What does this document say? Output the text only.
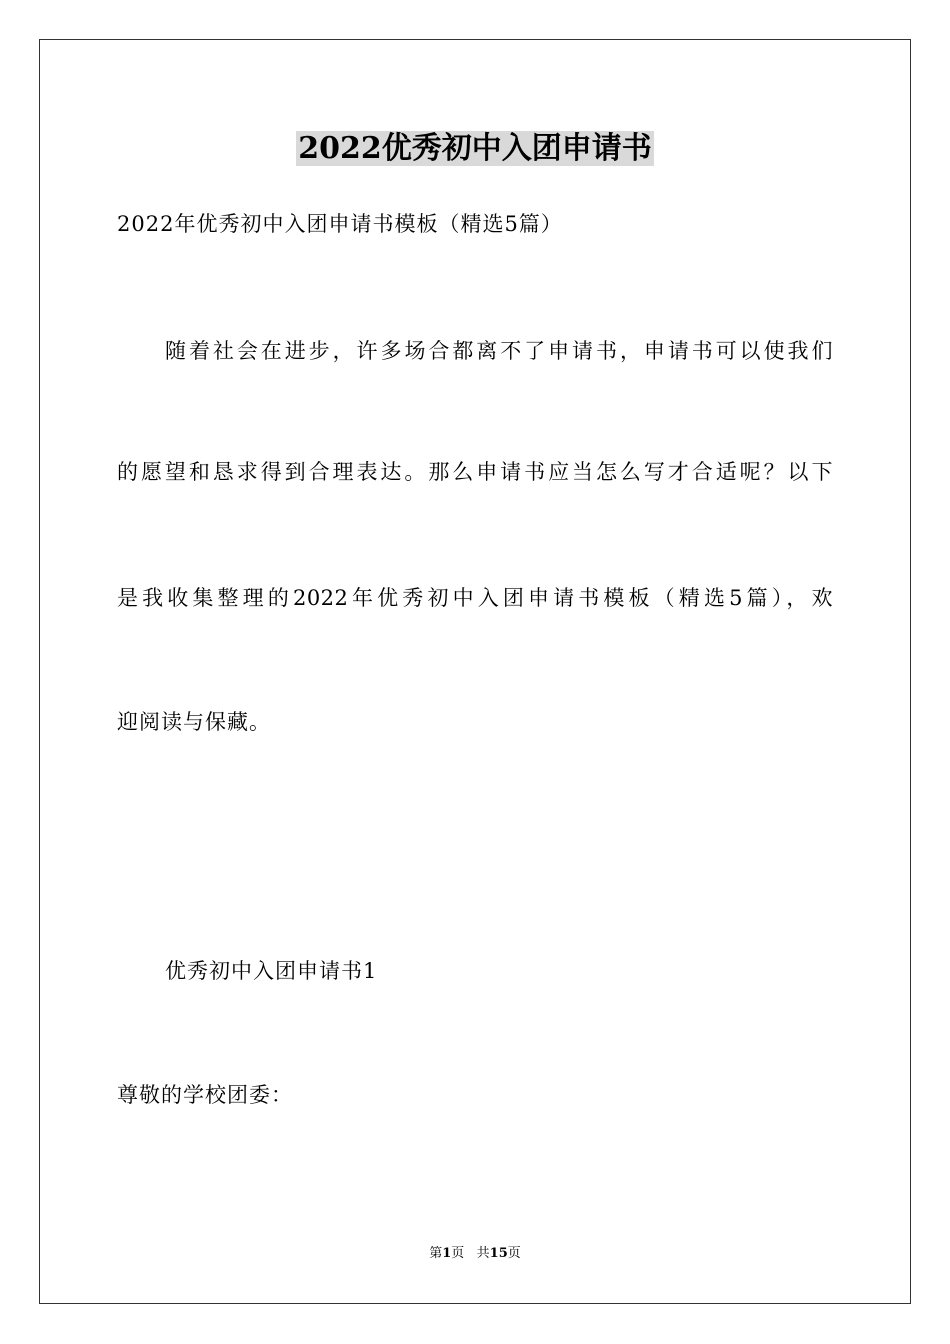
2022优秀初中入团申请书
2022年优秀初中入团申请书模板（精选5篇）
随着社会在进步，许多场合都离不了申请书，申请书可以使我们
的愿望和恳求得到合理表达。那么申请书应当怎么写才合适呢？以下
是我收集整理的2022年优秀初中入团申请书模板（精选5篇），欢
迎阅读与保藏。
优秀初中入团申请书1
尊敬的学校团委：
第1页   共15页
